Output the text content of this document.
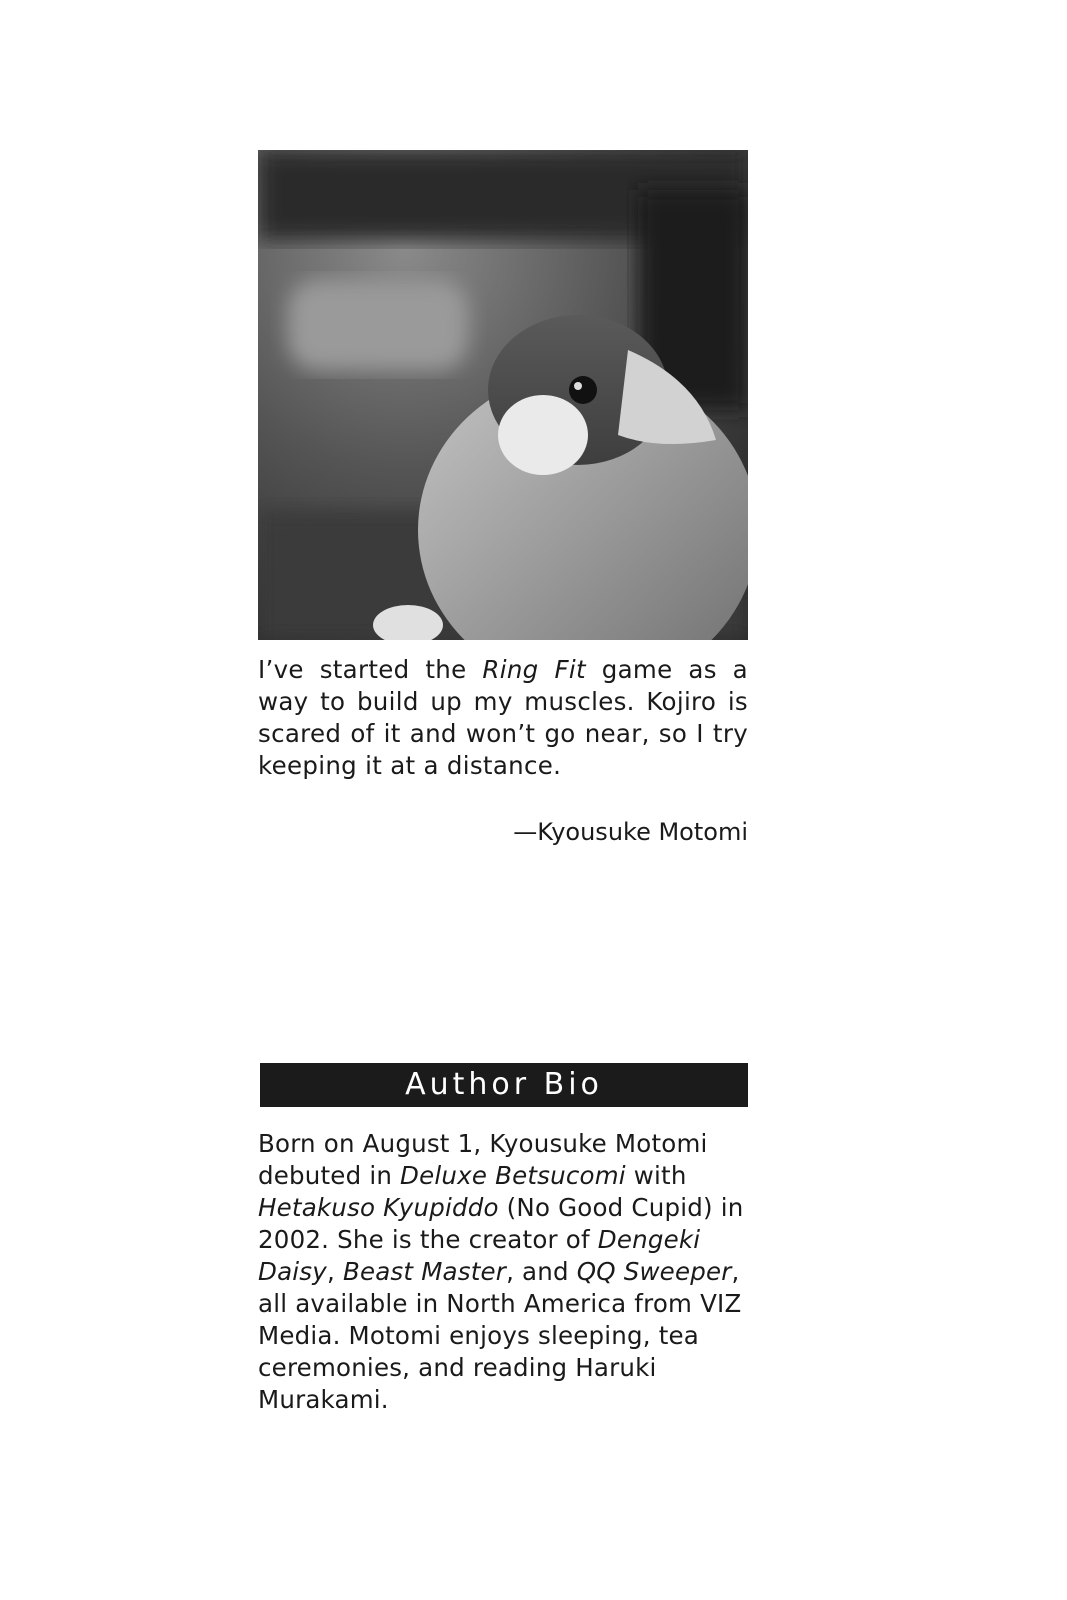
I’ve started the Ring Fit game as a way to build up my muscles. Kojiro is scared of it and won’t go near, so I try keeping it at a distance.
—Kyousuke Motomi
Author Bio
Born on August 1, Kyousuke Motomi debuted in Deluxe Betsucomi with Hetakuso Kyupiddo (No Good Cupid) in 2002. She is the creator of Dengeki Daisy, Beast Master, and QQ Sweeper, all available in North America from VIZ Media. Motomi enjoys sleeping, tea ceremonies, and reading Haruki Murakami.
